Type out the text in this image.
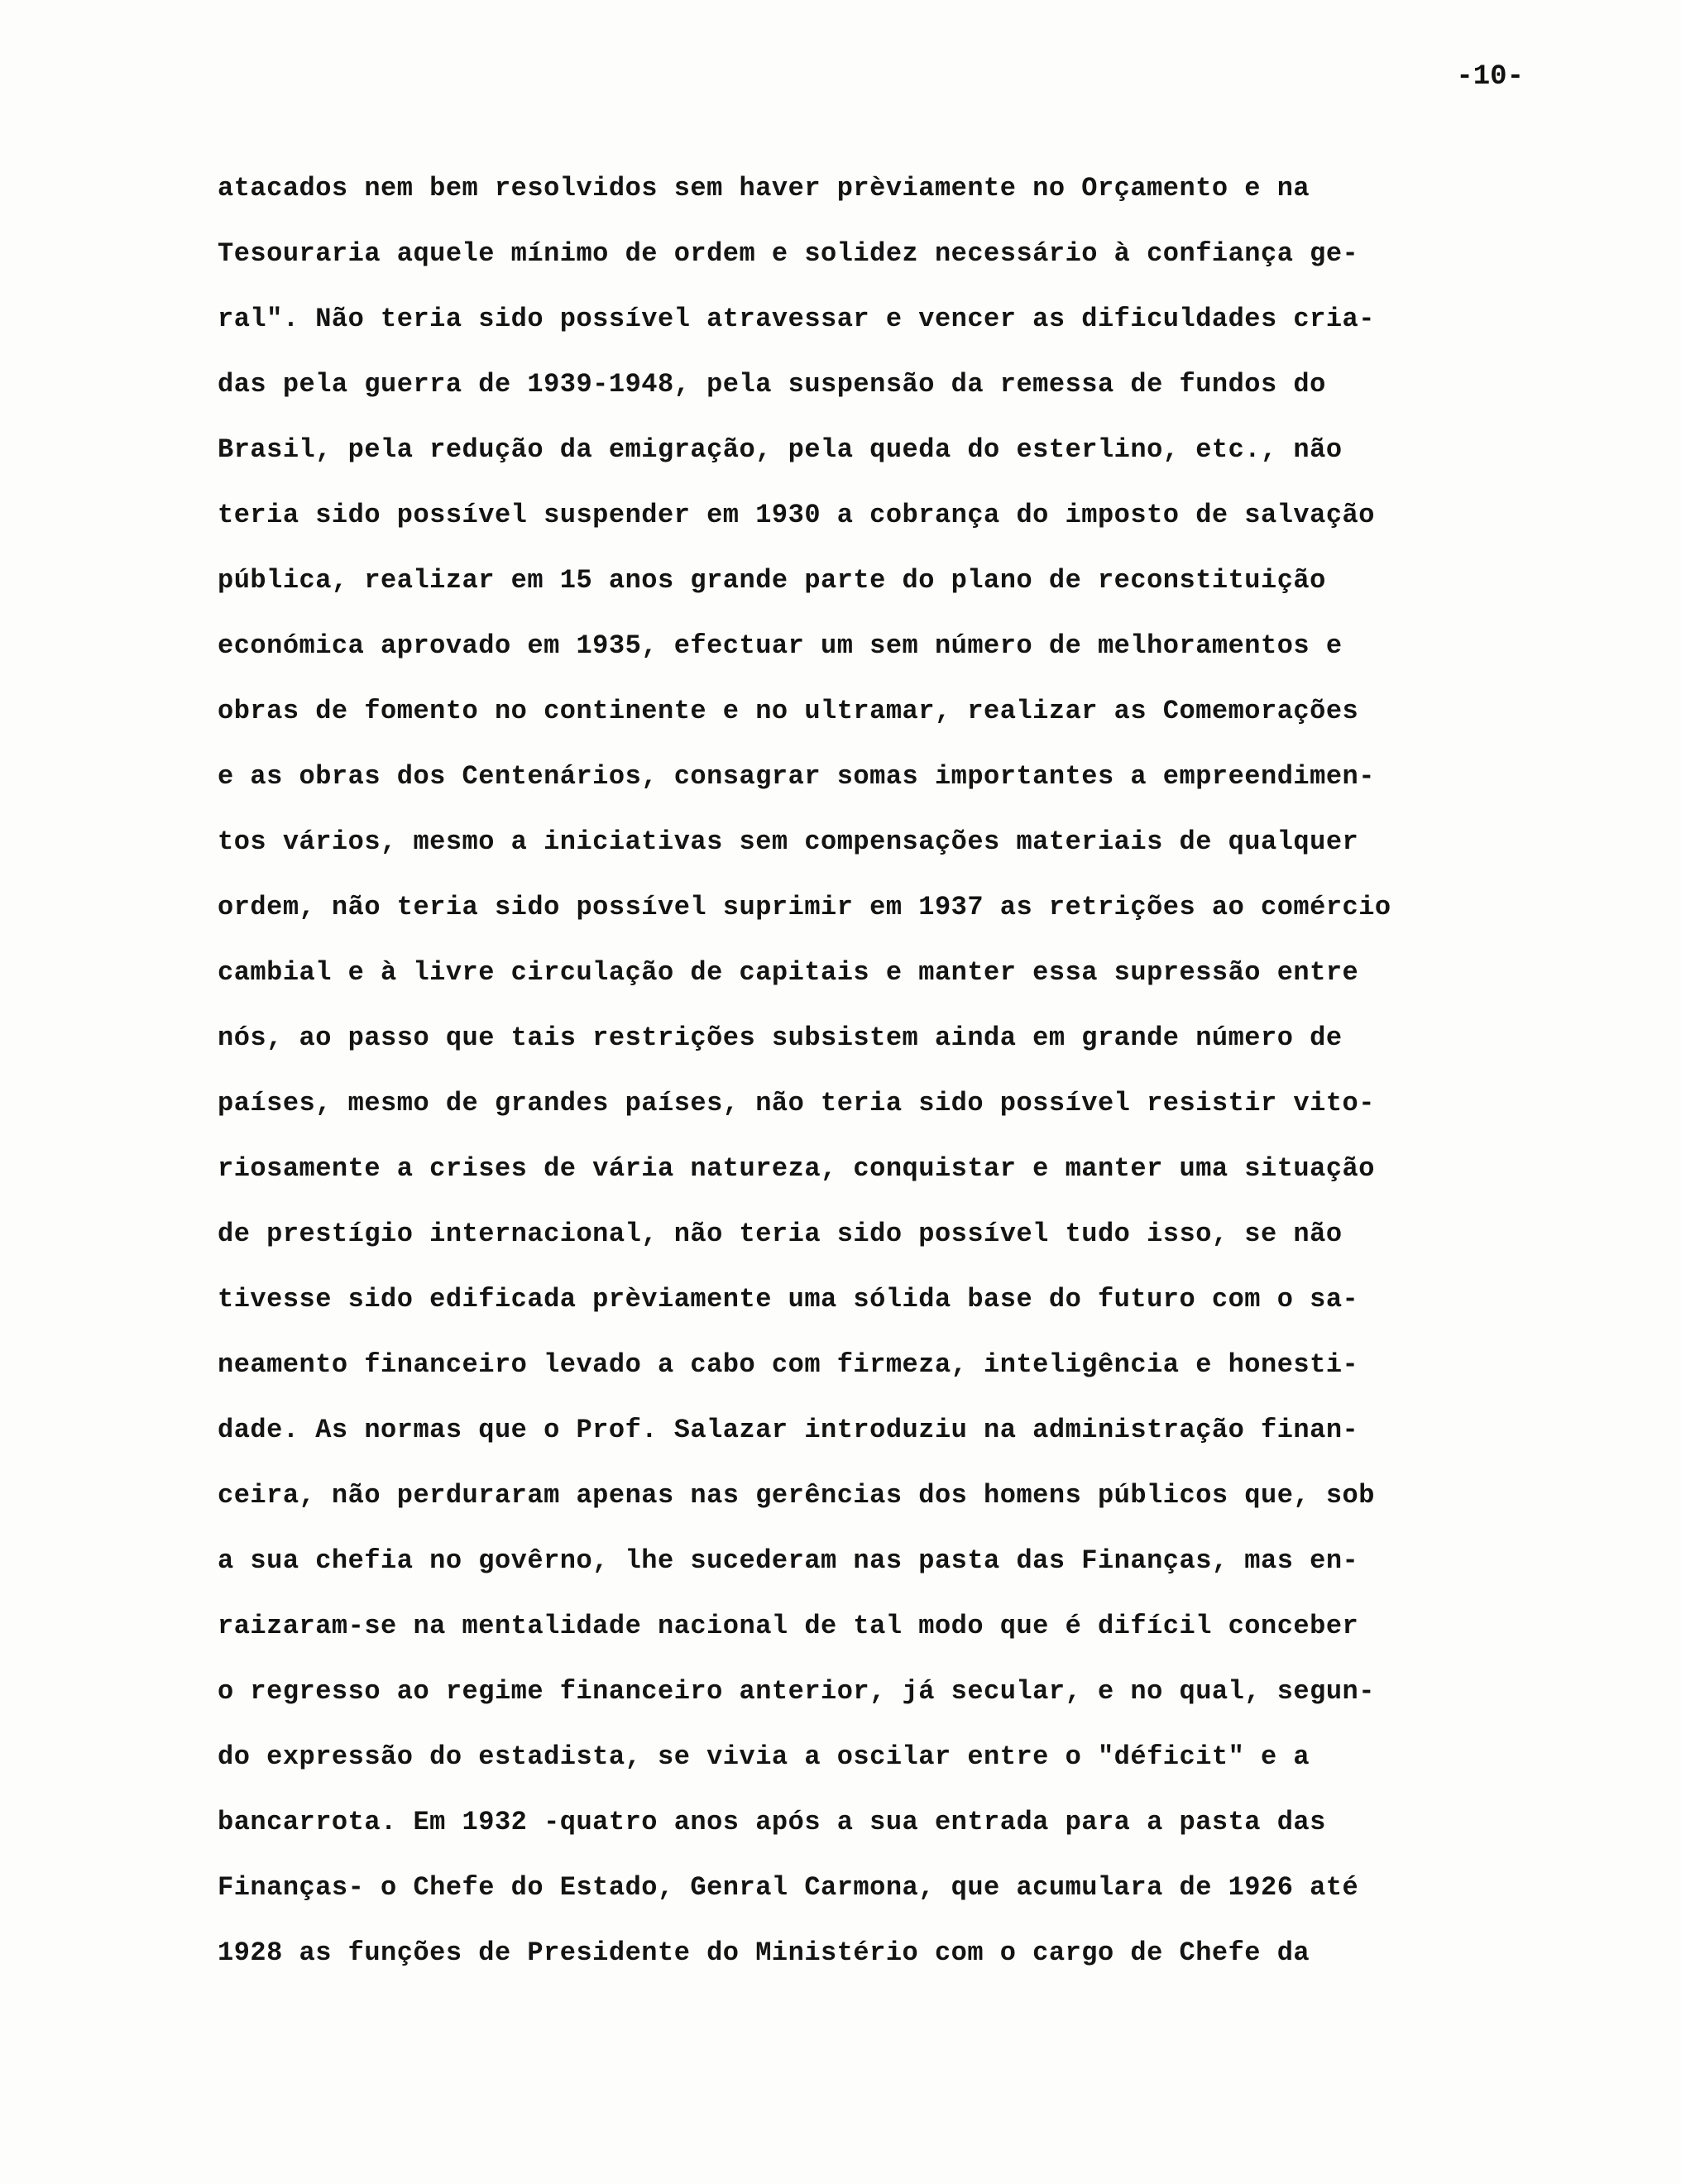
-10-
atacados nem bem resolvidos sem haver prèviamente no Orçamento e na
Tesouraria aquele mínimo de ordem e solidez necessário à confiança ge-
ral". Não teria sido possível atravessar e vencer as dificuldades cria-
das pela guerra de 1939-1948, pela suspensão da remessa de fundos do
Brasil, pela redução da emigração, pela queda do esterlino, etc., não
teria sido possível suspender em 1930 a cobrança do imposto de salvação
pública, realizar em 15 anos grande parte do plano de reconstituição
económica aprovado em 1935, efectuar um sem número de melhoramentos e
obras de fomento no continente e no ultramar, realizar as Comemorações
e as obras dos Centenários, consagrar somas importantes a empreendimen-
tos vários, mesmo a iniciativas sem compensações materiais de qualquer
ordem, não teria sido possível suprimir em 1937 as retrições ao comércio
cambial e à livre circulação de capitais e manter essa supressão entre
nós, ao passo que tais restrições subsistem ainda em grande número de
países, mesmo de grandes países, não teria sido possível resistir vito-
riosamente a crises de vária natureza, conquistar e manter uma situação
de prestígio internacional, não teria sido possível tudo isso, se não
tivesse sido edificada prèviamente uma sólida base do futuro com o sa-
neamento financeiro levado a cabo com firmeza, inteligência e honesti-
dade. As normas que o Prof. Salazar introduziu na administração finan-
ceira, não perduraram apenas nas gerências dos homens públicos que, sob
a sua chefia no govêrno, lhe sucederam nas pasta das Finanças, mas en-
raizaram-se na mentalidade nacional de tal modo que é difícil conceber
o regresso ao regime financeiro anterior, já secular, e no qual, segun-
do expressão do estadista, se vivia a oscilar entre o "déficit" e a
bancarrota. Em 1932 -quatro anos após a sua entrada para a pasta das
Finanças- o Chefe do Estado, Genral Carmona, que acumulara de 1926 até
1928 as funções de Presidente do Ministério com o cargo de Chefe da
